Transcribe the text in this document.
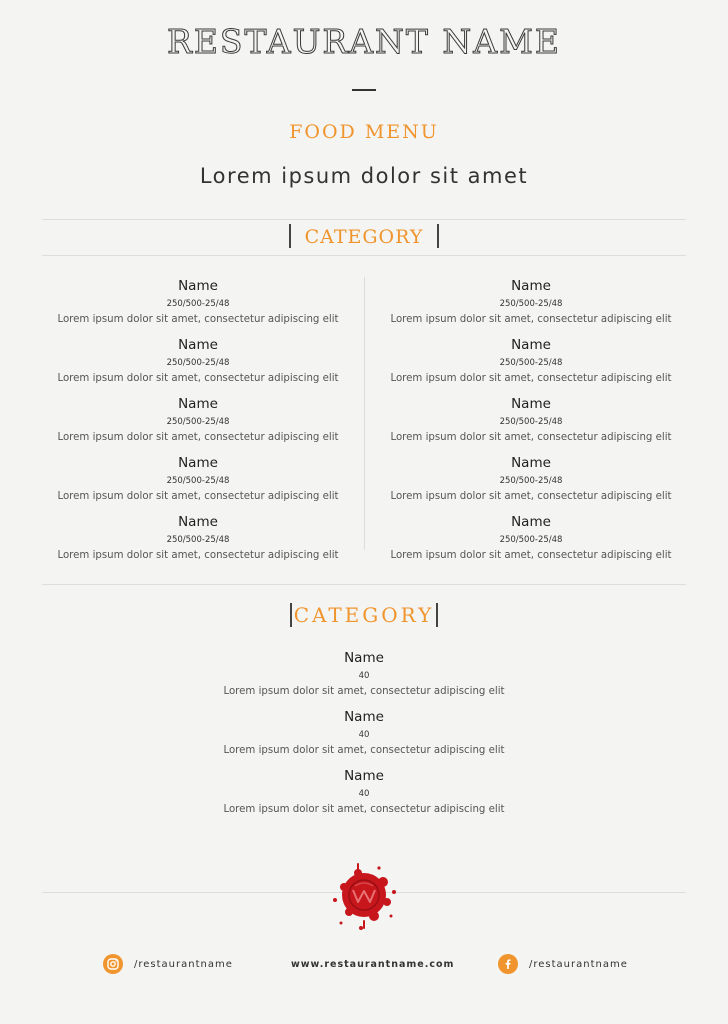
RESTAURANT NAME
FOOD MENU
Lorem ipsum dolor sit amet
CATEGORY
Name
250/500-25/48
Lorem ipsum dolor sit amet, consectetur adipiscing elit
Name
250/500-25/48
Lorem ipsum dolor sit amet, consectetur adipiscing elit
Name
250/500-25/48
Lorem ipsum dolor sit amet, consectetur adipiscing elit
Name
250/500-25/48
Lorem ipsum dolor sit amet, consectetur adipiscing elit
Name
250/500-25/48
Lorem ipsum dolor sit amet, consectetur adipiscing elit
Name
250/500-25/48
Lorem ipsum dolor sit amet, consectetur adipiscing elit
Name
250/500-25/48
Lorem ipsum dolor sit amet, consectetur adipiscing elit
Name
250/500-25/48
Lorem ipsum dolor sit amet, consectetur adipiscing elit
Name
250/500-25/48
Lorem ipsum dolor sit amet, consectetur adipiscing elit
Name
250/500-25/48
Lorem ipsum dolor sit amet, consectetur adipiscing elit
CATEGORY
Name
40
Lorem ipsum dolor sit amet, consectetur adipiscing elit
Name
40
Lorem ipsum dolor sit amet, consectetur adipiscing elit
Name
40
Lorem ipsum dolor sit amet, consectetur adipiscing elit
/restaurantname	www.restaurantname.com	/restaurantname
